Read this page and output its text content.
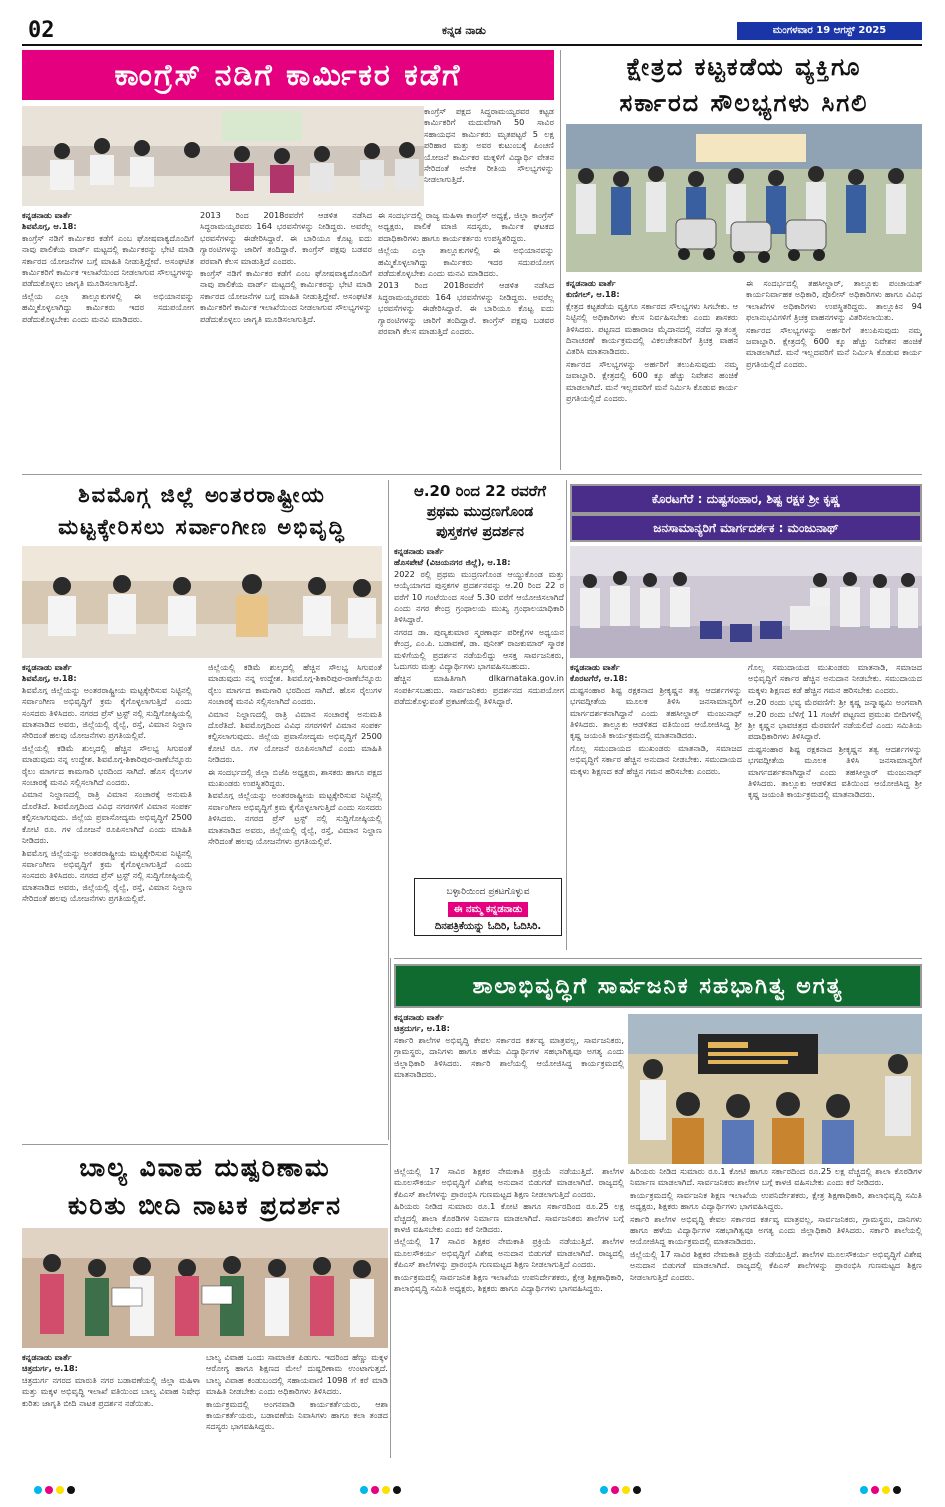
02	ಕನ್ನಡ ನಾಡು	ಮಂಗಳವಾರ 19 ಆಗಸ್ಟ್ 2025
ಕಾಂಗ್ರೆಸ್ ನಡಿಗೆ ಕಾರ್ಮಿಕರ ಕಡೆಗೆ

ಕಾಂಗ್ರೆಸ್ ಪಕ್ಷದ ಸಿದ್ಧರಾಮಯ್ಯರವರ ಕಟ್ಟಡ ಕಾರ್ಮಿಕರಿಗೆ ಮದುವೆಗಾಗಿ 50 ಸಾವಿರ ಸಹಾಯಧನ ಕಾರ್ಮಿಕರು ಮೃತಪಟ್ಟರೆ 5 ಲಕ್ಷ ಪರಿಹಾರ ಮತ್ತು ಅವರ ಕುಟುಂಬಕ್ಕೆ ಪಿಂಚಣಿ ಯೋಜನೆ ಕಾರ್ಮಿಕರ ಮಕ್ಕಳಿಗೆ ವಿದ್ಯಾರ್ಥಿ ವೇತನ ಸೇರಿದಂತೆ ಅನೇಕ ರೀತಿಯ ಸೌಲಭ್ಯಗಳನ್ನು ನೀಡಲಾಗುತ್ತಿದೆ.

ಕನ್ನಡನಾಡು ವಾರ್ತೆ
ಶಿವಮೊಗ್ಗ, ಆ.18:

ಕಾಂಗ್ರೆಸ್ ನಡಿಗೆ ಕಾರ್ಮಿಕರ ಕಡೆಗೆ ಎಂಬ ಘೋಷವಾಕ್ಯದೊಂದಿಗೆ ನಾವು ಪಾಲಿಕೆಯ ವಾರ್ಡ್ ಮಟ್ಟದಲ್ಲಿ ಕಾರ್ಮಿಕರನ್ನು ಭೇಟಿ ಮಾಡಿ ಸರ್ಕಾರದ ಯೋಜನೆಗಳ ಬಗ್ಗೆ ಮಾಹಿತಿ ನೀಡುತ್ತಿದ್ದೇವೆ. ಅಸಂಘಟಿತ ಕಾರ್ಮಿಕರಿಗೆ ಕಾರ್ಮಿಕ ಇಲಾಖೆಯಿಂದ ನೀಡಲಾಗುವ ಸೌಲಭ್ಯಗಳನ್ನು ಪಡೆದುಕೊಳ್ಳಲು ಜಾಗೃತಿ ಮೂಡಿಸಲಾಗುತ್ತಿದೆ.

ಜಿಲ್ಲೆಯ ಎಲ್ಲಾ ತಾಲ್ಲೂಕುಗಳಲ್ಲಿ ಈ ಅಭಿಯಾನವನ್ನು ಹಮ್ಮಿಕೊಳ್ಳಲಾಗಿದ್ದು ಕಾರ್ಮಿಕರು ಇದರ ಸದುಪಯೋಗ ಪಡೆದುಕೊಳ್ಳಬೇಕು ಎಂದು ಮನವಿ ಮಾಡಿದರು.

2013 ರಿಂದ 2018ರವರೆಗೆ ಆಡಳಿತ ನಡೆಸಿದ ಸಿದ್ಧರಾಮಯ್ಯರವರು 164 ಭರವಸೆಗಳನ್ನು ನೀಡಿದ್ದರು. ಅವರೆಲ್ಲ ಭರವಸೆಗಳನ್ನು ಈಡೇರಿಸಿದ್ದಾರೆ. ಈ ಬಾರಿಯೂ ಕೊಟ್ಟ ಐದು ಗ್ಯಾರಂಟಿಗಳನ್ನು ಜಾರಿಗೆ ತಂದಿದ್ದಾರೆ. ಕಾಂಗ್ರೆಸ್ ಪಕ್ಷವು ಬಡವರ ಪರವಾಗಿ ಕೆಲಸ ಮಾಡುತ್ತಿದೆ ಎಂದರು.

ಕಾಂಗ್ರೆಸ್ ನಡಿಗೆ ಕಾರ್ಮಿಕರ ಕಡೆಗೆ ಎಂಬ ಘೋಷವಾಕ್ಯದೊಂದಿಗೆ ನಾವು ಪಾಲಿಕೆಯ ವಾರ್ಡ್ ಮಟ್ಟದಲ್ಲಿ ಕಾರ್ಮಿಕರನ್ನು ಭೇಟಿ ಮಾಡಿ ಸರ್ಕಾರದ ಯೋಜನೆಗಳ ಬಗ್ಗೆ ಮಾಹಿತಿ ನೀಡುತ್ತಿದ್ದೇವೆ. ಅಸಂಘಟಿತ ಕಾರ್ಮಿಕರಿಗೆ ಕಾರ್ಮಿಕ ಇಲಾಖೆಯಿಂದ ನೀಡಲಾಗುವ ಸೌಲಭ್ಯಗಳನ್ನು ಪಡೆದುಕೊಳ್ಳಲು ಜಾಗೃತಿ ಮೂಡಿಸಲಾಗುತ್ತಿದೆ.

ಈ ಸಂದರ್ಭದಲ್ಲಿ ರಾಜ್ಯ ಮಹಿಳಾ ಕಾಂಗ್ರೆಸ್ ಅಧ್ಯಕ್ಷೆ, ಜಿಲ್ಲಾ ಕಾಂಗ್ರೆಸ್ ಅಧ್ಯಕ್ಷರು, ಪಾಲಿಕೆ ಮಾಜಿ ಸದಸ್ಯರು, ಕಾರ್ಮಿಕ ಘಟಕದ ಪದಾಧಿಕಾರಿಗಳು ಹಾಗೂ ಕಾರ್ಯಕರ್ತರು ಉಪಸ್ಥಿತರಿದ್ದರು.

ಜಿಲ್ಲೆಯ ಎಲ್ಲಾ ತಾಲ್ಲೂಕುಗಳಲ್ಲಿ ಈ ಅಭಿಯಾನವನ್ನು ಹಮ್ಮಿಕೊಳ್ಳಲಾಗಿದ್ದು ಕಾರ್ಮಿಕರು ಇದರ ಸದುಪಯೋಗ ಪಡೆದುಕೊಳ್ಳಬೇಕು ಎಂದು ಮನವಿ ಮಾಡಿದರು.

2013 ರಿಂದ 2018ರವರೆಗೆ ಆಡಳಿತ ನಡೆಸಿದ ಸಿದ್ಧರಾಮಯ್ಯರವರು 164 ಭರವಸೆಗಳನ್ನು ನೀಡಿದ್ದರು. ಅವರೆಲ್ಲ ಭರವಸೆಗಳನ್ನು ಈಡೇರಿಸಿದ್ದಾರೆ. ಈ ಬಾರಿಯೂ ಕೊಟ್ಟ ಐದು ಗ್ಯಾರಂಟಿಗಳನ್ನು ಜಾರಿಗೆ ತಂದಿದ್ದಾರೆ. ಕಾಂಗ್ರೆಸ್ ಪಕ್ಷವು ಬಡವರ ಪರವಾಗಿ ಕೆಲಸ ಮಾಡುತ್ತಿದೆ ಎಂದರು.

ಕ್ಷೇತ್ರದ ಕಟ್ಟಕಡೆಯ ವ್ಯಕ್ತಿಗೂ
ಸರ್ಕಾರದ ಸೌಲಭ್ಯಗಳು ಸಿಗಲಿ
ಕನ್ನಡನಾಡು ವಾರ್ತೆ
ಕುಣಿಗಲ್, ಆ.18:

ಕ್ಷೇತ್ರದ ಕಟ್ಟಕಡೆಯ ವ್ಯಕ್ತಿಗೂ ಸರ್ಕಾರದ ಸೌಲಭ್ಯಗಳು ಸಿಗಬೇಕು. ಆ ನಿಟ್ಟಿನಲ್ಲಿ ಅಧಿಕಾರಿಗಳು ಕೆಲಸ ನಿರ್ವಹಿಸಬೇಕು ಎಂದು ಶಾಸಕರು ತಿಳಿಸಿದರು. ಪಟ್ಟಣದ ಮಹಾರಾಜ ಮೈದಾನದಲ್ಲಿ ನಡೆದ ಸ್ವಾತಂತ್ರ್ಯ ದಿನಾಚರಣೆ ಕಾರ್ಯಕ್ರಮದಲ್ಲಿ ವಿಕಲಚೇತನರಿಗೆ ತ್ರಿಚಕ್ರ ವಾಹನ ವಿತರಿಸಿ ಮಾತನಾಡಿದರು.

ಸರ್ಕಾರದ ಸೌಲಭ್ಯಗಳನ್ನು ಅರ್ಹರಿಗೆ ತಲುಪಿಸುವುದು ನಮ್ಮ ಜವಾಬ್ದಾರಿ. ಕ್ಷೇತ್ರದಲ್ಲಿ 600 ಕ್ಕೂ ಹೆಚ್ಚು ನಿವೇಶನ ಹಂಚಿಕೆ ಮಾಡಲಾಗಿದೆ. ಮನೆ ಇಲ್ಲದವರಿಗೆ ಮನೆ ನಿರ್ಮಿಸಿ ಕೊಡುವ ಕಾರ್ಯ ಪ್ರಗತಿಯಲ್ಲಿದೆ ಎಂದರು.

ಈ ಸಂದರ್ಭದಲ್ಲಿ ತಹಸೀಲ್ದಾರ್, ತಾಲ್ಲೂಕು ಪಂಚಾಯತ್ ಕಾರ್ಯನಿರ್ವಾಹಕ ಅಧಿಕಾರಿ, ಪೊಲೀಸ್ ಅಧಿಕಾರಿಗಳು ಹಾಗೂ ವಿವಿಧ ಇಲಾಖೆಗಳ ಅಧಿಕಾರಿಗಳು ಉಪಸ್ಥಿತರಿದ್ದರು. ತಾಲ್ಲೂಕಿನ 94 ಫಲಾನುಭವಿಗಳಿಗೆ ತ್ರಿಚಕ್ರ ವಾಹನಗಳನ್ನು ವಿತರಿಸಲಾಯಿತು.

ಸರ್ಕಾರದ ಸೌಲಭ್ಯಗಳನ್ನು ಅರ್ಹರಿಗೆ ತಲುಪಿಸುವುದು ನಮ್ಮ ಜವಾಬ್ದಾರಿ. ಕ್ಷೇತ್ರದಲ್ಲಿ 600 ಕ್ಕೂ ಹೆಚ್ಚು ನಿವೇಶನ ಹಂಚಿಕೆ ಮಾಡಲಾಗಿದೆ. ಮನೆ ಇಲ್ಲದವರಿಗೆ ಮನೆ ನಿರ್ಮಿಸಿ ಕೊಡುವ ಕಾರ್ಯ ಪ್ರಗತಿಯಲ್ಲಿದೆ ಎಂದರು.

ಶಿವಮೊಗ್ಗ ಜಿಲ್ಲೆ ಅಂತರರಾಷ್ಟ್ರೀಯ
ಮಟ್ಟಕ್ಕೇರಿಸಲು ಸರ್ವಾಂಗೀಣ ಅಭಿವೃದ್ಧಿ
ಕನ್ನಡನಾಡು ವಾರ್ತೆ
ಶಿವಮೊಗ್ಗ, ಆ.18:

ಶಿವಮೊಗ್ಗ ಜಿಲ್ಲೆಯನ್ನು ಅಂತರರಾಷ್ಟ್ರೀಯ ಮಟ್ಟಕ್ಕೇರಿಸುವ ನಿಟ್ಟಿನಲ್ಲಿ ಸರ್ವಾಂಗೀಣ ಅಭಿವೃದ್ಧಿಗೆ ಕ್ರಮ ಕೈಗೊಳ್ಳಲಾಗುತ್ತಿದೆ ಎಂದು ಸಂಸದರು ತಿಳಿಸಿದರು. ನಗರದ ಪ್ರೆಸ್ ಟ್ರಸ್ಟ್ ನಲ್ಲಿ ಸುದ್ದಿಗೋಷ್ಠಿಯಲ್ಲಿ ಮಾತನಾಡಿದ ಅವರು, ಜಿಲ್ಲೆಯಲ್ಲಿ ರೈಲ್ವೆ, ರಸ್ತೆ, ವಿಮಾನ ನಿಲ್ದಾಣ ಸೇರಿದಂತೆ ಹಲವು ಯೋಜನೆಗಳು ಪ್ರಗತಿಯಲ್ಲಿವೆ.

ಜಿಲ್ಲೆಯಲ್ಲಿ ಕಡಿಮೆ ಶುಲ್ಕದಲ್ಲಿ ಹೆಚ್ಚಿನ ಸೌಲಭ್ಯ ಸಿಗುವಂತೆ ಮಾಡುವುದು ನನ್ನ ಉದ್ದೇಶ. ಶಿವಮೊಗ್ಗ-ಶಿಕಾರಿಪುರ-ರಾಣೆಬೆನ್ನೂರು ರೈಲು ಮಾರ್ಗದ ಕಾಮಗಾರಿ ಭರದಿಂದ ಸಾಗಿದೆ. ಹೊಸ ರೈಲುಗಳ ಸಂಚಾರಕ್ಕೆ ಮನವಿ ಸಲ್ಲಿಸಲಾಗಿದೆ ಎಂದರು.

ವಿಮಾನ ನಿಲ್ದಾಣದಲ್ಲಿ ರಾತ್ರಿ ವಿಮಾನ ಸಂಚಾರಕ್ಕೆ ಅನುಮತಿ ದೊರೆತಿದೆ. ಶಿವಮೊಗ್ಗದಿಂದ ವಿವಿಧ ನಗರಗಳಿಗೆ ವಿಮಾನ ಸಂಪರ್ಕ ಕಲ್ಪಿಸಲಾಗುವುದು. ಜಿಲ್ಲೆಯ ಪ್ರವಾಸೋದ್ಯಮ ಅಭಿವೃದ್ಧಿಗೆ 2500 ಕೋಟಿ ರೂ. ಗಳ ಯೋಜನೆ ರೂಪಿಸಲಾಗಿದೆ ಎಂದು ಮಾಹಿತಿ ನೀಡಿದರು.

ಶಿವಮೊಗ್ಗ ಜಿಲ್ಲೆಯನ್ನು ಅಂತರರಾಷ್ಟ್ರೀಯ ಮಟ್ಟಕ್ಕೇರಿಸುವ ನಿಟ್ಟಿನಲ್ಲಿ ಸರ್ವಾಂಗೀಣ ಅಭಿವೃದ್ಧಿಗೆ ಕ್ರಮ ಕೈಗೊಳ್ಳಲಾಗುತ್ತಿದೆ ಎಂದು ಸಂಸದರು ತಿಳಿಸಿದರು. ನಗರದ ಪ್ರೆಸ್ ಟ್ರಸ್ಟ್ ನಲ್ಲಿ ಸುದ್ದಿಗೋಷ್ಠಿಯಲ್ಲಿ ಮಾತನಾಡಿದ ಅವರು, ಜಿಲ್ಲೆಯಲ್ಲಿ ರೈಲ್ವೆ, ರಸ್ತೆ, ವಿಮಾನ ನಿಲ್ದಾಣ ಸೇರಿದಂತೆ ಹಲವು ಯೋಜನೆಗಳು ಪ್ರಗತಿಯಲ್ಲಿವೆ.

ಜಿಲ್ಲೆಯಲ್ಲಿ ಕಡಿಮೆ ಶುಲ್ಕದಲ್ಲಿ ಹೆಚ್ಚಿನ ಸೌಲಭ್ಯ ಸಿಗುವಂತೆ ಮಾಡುವುದು ನನ್ನ ಉದ್ದೇಶ. ಶಿವಮೊಗ್ಗ-ಶಿಕಾರಿಪುರ-ರಾಣೆಬೆನ್ನೂರು ರೈಲು ಮಾರ್ಗದ ಕಾಮಗಾರಿ ಭರದಿಂದ ಸಾಗಿದೆ. ಹೊಸ ರೈಲುಗಳ ಸಂಚಾರಕ್ಕೆ ಮನವಿ ಸಲ್ಲಿಸಲಾಗಿದೆ ಎಂದರು.

ವಿಮಾನ ನಿಲ್ದಾಣದಲ್ಲಿ ರಾತ್ರಿ ವಿಮಾನ ಸಂಚಾರಕ್ಕೆ ಅನುಮತಿ ದೊರೆತಿದೆ. ಶಿವಮೊಗ್ಗದಿಂದ ವಿವಿಧ ನಗರಗಳಿಗೆ ವಿಮಾನ ಸಂಪರ್ಕ ಕಲ್ಪಿಸಲಾಗುವುದು. ಜಿಲ್ಲೆಯ ಪ್ರವಾಸೋದ್ಯಮ ಅಭಿವೃದ್ಧಿಗೆ 2500 ಕೋಟಿ ರೂ. ಗಳ ಯೋಜನೆ ರೂಪಿಸಲಾಗಿದೆ ಎಂದು ಮಾಹಿತಿ ನೀಡಿದರು.

ಈ ಸಂದರ್ಭದಲ್ಲಿ ಜಿಲ್ಲಾ ಬಿಜೆಪಿ ಅಧ್ಯಕ್ಷರು, ಶಾಸಕರು ಹಾಗೂ ಪಕ್ಷದ ಮುಖಂಡರು ಉಪಸ್ಥಿತರಿದ್ದರು.

ಶಿವಮೊಗ್ಗ ಜಿಲ್ಲೆಯನ್ನು ಅಂತರರಾಷ್ಟ್ರೀಯ ಮಟ್ಟಕ್ಕೇರಿಸುವ ನಿಟ್ಟಿನಲ್ಲಿ ಸರ್ವಾಂಗೀಣ ಅಭಿವೃದ್ಧಿಗೆ ಕ್ರಮ ಕೈಗೊಳ್ಳಲಾಗುತ್ತಿದೆ ಎಂದು ಸಂಸದರು ತಿಳಿಸಿದರು. ನಗರದ ಪ್ರೆಸ್ ಟ್ರಸ್ಟ್ ನಲ್ಲಿ ಸುದ್ದಿಗೋಷ್ಠಿಯಲ್ಲಿ ಮಾತನಾಡಿದ ಅವರು, ಜಿಲ್ಲೆಯಲ್ಲಿ ರೈಲ್ವೆ, ರಸ್ತೆ, ವಿಮಾನ ನಿಲ್ದಾಣ ಸೇರಿದಂತೆ ಹಲವು ಯೋಜನೆಗಳು ಪ್ರಗತಿಯಲ್ಲಿವೆ.

ಆ.20 ರಿಂದ 22 ರವರೆಗೆ
ಪ್ರಥಮ ಮುದ್ರಣಗೊಂಡ
ಪುಸ್ತಕಗಳ ಪ್ರದರ್ಶನ
ಕನ್ನಡನಾಡು ವಾರ್ತೆ
ಹೊಸಪೇಟೆ (ವಿಜಯನಗರ ಜಿಲ್ಲೆ), ಆ.18:

2022 ರಲ್ಲಿ ಪ್ರಥಮ ಮುದ್ರಣಗೊಂಡ ಆಯ್ದುಕೊಂಡ ಮತ್ತು ಆಯ್ಕೆಯಾಗದ ಪುಸ್ತಕಗಳ ಪ್ರದರ್ಶನವನ್ನು ಆ.20 ರಿಂದ 22 ರ ವರೆಗೆ 10 ಗಂಟೆಯಿಂದ ಸಂಜೆ 5.30 ವರೆಗೆ ಆಯೋಜಿಸಲಾಗಿದೆ ಎಂದು ನಗರ ಕೇಂದ್ರ ಗ್ರಂಥಾಲಯ ಮುಖ್ಯ ಗ್ರಂಥಾಲಯಾಧಿಕಾರಿ ತಿಳಿಸಿದ್ದಾರೆ.

ನಗರದ ಡಾ. ಪುಣ್ಯಕುಮಾರ ಸ್ಮರಣಾರ್ಥ ಪರೀಕ್ಷೆಗಳ ಅಧ್ಯಯನ ಕೇಂದ್ರ, ಎಂ.ಪಿ. ಬಡಾವಣೆ, ಡಾ. ಪುನೀತ್ ರಾಜಕುಮಾರ್ ಸ್ಮಾರಕ ಮಳಿಗೆಯಲ್ಲಿ ಪ್ರದರ್ಶನ ನಡೆಯಲಿದ್ದು ಆಸಕ್ತ ಸಾರ್ವಜನಿಕರು, ಓದುಗರು ಮತ್ತು ವಿದ್ಯಾರ್ಥಿಗಳು ಭಾಗವಹಿಸಬಹುದು.

ಹೆಚ್ಚಿನ ಮಾಹಿತಿಗಾಗಿ dlkarnataka.gov.in ಸಂಪರ್ಕಿಸಬಹುದು. ಸಾರ್ವಜನಿಕರು ಪ್ರದರ್ಶನದ ಸದುಪಯೋಗ ಪಡೆದುಕೊಳ್ಳುವಂತೆ ಪ್ರಕಟಣೆಯಲ್ಲಿ ತಿಳಿಸಿದ್ದಾರೆ.

ಬಳ್ಳಾರಿಯಿಂದ ಪ್ರಕಟಗೊಳ್ಳುವ
ಈ ನಮ್ಮ ಕನ್ನಡನಾಡು
ದಿನಪತ್ರಿಕೆಯನ್ನು ಓದಿರಿ, ಓದಿಸಿರಿ.
ಕೊರಟಗೆರೆ : ದುಷ್ಟಸಂಹಾರ, ಶಿಷ್ಟ ರಕ್ಷಕ ಶ್ರೀ ಕೃಷ್ಣ
ಜನಸಾಮಾನ್ಯರಿಗೆ ಮಾರ್ಗದರ್ಶಕ : ಮಂಜುನಾಥ್
ಕನ್ನಡನಾಡು ವಾರ್ತೆ
ಕೊರಟಗೆರೆ, ಆ.18:

ದುಷ್ಟಸಂಹಾರ ಶಿಷ್ಟ ರಕ್ಷಕನಾದ ಶ್ರೀಕೃಷ್ಣನ ತತ್ವ ಆದರ್ಶಗಳನ್ನು ಭಗವದ್ಗೀತೆಯ ಮೂಲಕ ತಿಳಿಸಿ ಜನಸಾಮಾನ್ಯರಿಗೆ ಮಾರ್ಗದರ್ಶಕನಾಗಿದ್ದಾನೆ ಎಂದು ತಹಸೀಲ್ದಾರ್ ಮಂಜುನಾಥ್ ತಿಳಿಸಿದರು. ತಾಲ್ಲೂಕು ಆಡಳಿತದ ವತಿಯಿಂದ ಆಯೋಜಿಸಿದ್ದ ಶ್ರೀ ಕೃಷ್ಣ ಜಯಂತಿ ಕಾರ್ಯಕ್ರಮದಲ್ಲಿ ಮಾತನಾಡಿದರು.

ಗೊಲ್ಲ ಸಮುದಾಯದ ಮುಖಂಡರು ಮಾತನಾಡಿ, ಸಮಾಜದ ಅಭಿವೃದ್ಧಿಗೆ ಸರ್ಕಾರ ಹೆಚ್ಚಿನ ಅನುದಾನ ನೀಡಬೇಕು. ಸಮುದಾಯದ ಮಕ್ಕಳು ಶಿಕ್ಷಣದ ಕಡೆ ಹೆಚ್ಚಿನ ಗಮನ ಹರಿಸಬೇಕು ಎಂದರು.

ಗೊಲ್ಲ ಸಮುದಾಯದ ಮುಖಂಡರು ಮಾತನಾಡಿ, ಸಮಾಜದ ಅಭಿವೃದ್ಧಿಗೆ ಸರ್ಕಾರ ಹೆಚ್ಚಿನ ಅನುದಾನ ನೀಡಬೇಕು. ಸಮುದಾಯದ ಮಕ್ಕಳು ಶಿಕ್ಷಣದ ಕಡೆ ಹೆಚ್ಚಿನ ಗಮನ ಹರಿಸಬೇಕು ಎಂದರು.

ಆ.20 ರಂದು ಭವ್ಯ ಮೆರವಣಿಗೆ: ಶ್ರೀ ಕೃಷ್ಣ ಜನ್ಮಾಷ್ಟಮಿ ಅಂಗವಾಗಿ ಆ.20 ರಂದು ಬೆಳಿಗ್ಗೆ 11 ಗಂಟೆಗೆ ಪಟ್ಟಣದ ಪ್ರಮುಖ ಬೀದಿಗಳಲ್ಲಿ ಶ್ರೀ ಕೃಷ್ಣನ ಭಾವಚಿತ್ರದ ಮೆರವಣಿಗೆ ನಡೆಯಲಿದೆ ಎಂದು ಸಮಿತಿಯ ಪದಾಧಿಕಾರಿಗಳು ತಿಳಿಸಿದ್ದಾರೆ.

ದುಷ್ಟಸಂಹಾರ ಶಿಷ್ಟ ರಕ್ಷಕನಾದ ಶ್ರೀಕೃಷ್ಣನ ತತ್ವ ಆದರ್ಶಗಳನ್ನು ಭಗವದ್ಗೀತೆಯ ಮೂಲಕ ತಿಳಿಸಿ ಜನಸಾಮಾನ್ಯರಿಗೆ ಮಾರ್ಗದರ್ಶಕನಾಗಿದ್ದಾನೆ ಎಂದು ತಹಸೀಲ್ದಾರ್ ಮಂಜುನಾಥ್ ತಿಳಿಸಿದರು. ತಾಲ್ಲೂಕು ಆಡಳಿತದ ವತಿಯಿಂದ ಆಯೋಜಿಸಿದ್ದ ಶ್ರೀ ಕೃಷ್ಣ ಜಯಂತಿ ಕಾರ್ಯಕ್ರಮದಲ್ಲಿ ಮಾತನಾಡಿದರು.

ಶಾಲಾಭಿವೃದ್ಧಿಗೆ ಸಾರ್ವಜನಿಕ ಸಹಭಾಗಿತ್ವ ಅಗತ್ಯ
ಕನ್ನಡನಾಡು ವಾರ್ತೆ
ಚಿತ್ರದುರ್ಗ, ಆ.18:

ಸರ್ಕಾರಿ ಶಾಲೆಗಳ ಅಭಿವೃದ್ಧಿ ಕೇವಲ ಸರ್ಕಾರದ ಕರ್ತವ್ಯ ಮಾತ್ರವಲ್ಲ, ಸಾರ್ವಜನಿಕರು, ಗ್ರಾಮಸ್ಥರು, ದಾನಿಗಳು ಹಾಗೂ ಹಳೆಯ ವಿದ್ಯಾರ್ಥಿಗಳ ಸಹಭಾಗಿತ್ವವೂ ಅಗತ್ಯ ಎಂದು ಜಿಲ್ಲಾಧಿಕಾರಿ ತಿಳಿಸಿದರು. ಸರ್ಕಾರಿ ಶಾಲೆಯಲ್ಲಿ ಆಯೋಜಿಸಿದ್ದ ಕಾರ್ಯಕ್ರಮದಲ್ಲಿ ಮಾತನಾಡಿದರು.

ಜಿಲ್ಲೆಯಲ್ಲಿ 17 ಸಾವಿರ ಶಿಕ್ಷಕರ ನೇಮಕಾತಿ ಪ್ರಕ್ರಿಯೆ ನಡೆಯುತ್ತಿದೆ. ಶಾಲೆಗಳ ಮೂಲಸೌಕರ್ಯ ಅಭಿವೃದ್ಧಿಗೆ ವಿಶೇಷ ಅನುದಾನ ಬಿಡುಗಡೆ ಮಾಡಲಾಗಿದೆ. ರಾಜ್ಯದಲ್ಲಿ ಕೆಪಿಎಸ್ ಶಾಲೆಗಳನ್ನು ಪ್ರಾರಂಭಿಸಿ ಗುಣಮಟ್ಟದ ಶಿಕ್ಷಣ ನೀಡಲಾಗುತ್ತಿದೆ ಎಂದರು.

ಹಿರಿಯರು ನೀಡಿದ ಸುಮಾರು ರೂ.1 ಕೋಟಿ ಹಾಗೂ ಸರ್ಕಾರದಿಂದ ರೂ.25 ಲಕ್ಷ ವೆಚ್ಚದಲ್ಲಿ ಶಾಲಾ ಕೊಠಡಿಗಳ ನಿರ್ಮಾಣ ಮಾಡಲಾಗಿದೆ. ಸಾರ್ವಜನಿಕರು ಶಾಲೆಗಳ ಬಗ್ಗೆ ಕಾಳಜಿ ವಹಿಸಬೇಕು ಎಂದು ಕರೆ ನೀಡಿದರು.

ಜಿಲ್ಲೆಯಲ್ಲಿ 17 ಸಾವಿರ ಶಿಕ್ಷಕರ ನೇಮಕಾತಿ ಪ್ರಕ್ರಿಯೆ ನಡೆಯುತ್ತಿದೆ. ಶಾಲೆಗಳ ಮೂಲಸೌಕರ್ಯ ಅಭಿವೃದ್ಧಿಗೆ ವಿಶೇಷ ಅನುದಾನ ಬಿಡುಗಡೆ ಮಾಡಲಾಗಿದೆ. ರಾಜ್ಯದಲ್ಲಿ ಕೆಪಿಎಸ್ ಶಾಲೆಗಳನ್ನು ಪ್ರಾರಂಭಿಸಿ ಗುಣಮಟ್ಟದ ಶಿಕ್ಷಣ ನೀಡಲಾಗುತ್ತಿದೆ ಎಂದರು.

ಕಾರ್ಯಕ್ರಮದಲ್ಲಿ ಸಾರ್ವಜನಿಕ ಶಿಕ್ಷಣ ಇಲಾಖೆಯ ಉಪನಿರ್ದೇಶಕರು, ಕ್ಷೇತ್ರ ಶಿಕ್ಷಣಾಧಿಕಾರಿ, ಶಾಲಾಭಿವೃದ್ಧಿ ಸಮಿತಿ ಅಧ್ಯಕ್ಷರು, ಶಿಕ್ಷಕರು ಹಾಗೂ ವಿದ್ಯಾರ್ಥಿಗಳು ಭಾಗವಹಿಸಿದ್ದರು.

ಹಿರಿಯರು ನೀಡಿದ ಸುಮಾರು ರೂ.1 ಕೋಟಿ ಹಾಗೂ ಸರ್ಕಾರದಿಂದ ರೂ.25 ಲಕ್ಷ ವೆಚ್ಚದಲ್ಲಿ ಶಾಲಾ ಕೊಠಡಿಗಳ ನಿರ್ಮಾಣ ಮಾಡಲಾಗಿದೆ. ಸಾರ್ವಜನಿಕರು ಶಾಲೆಗಳ ಬಗ್ಗೆ ಕಾಳಜಿ ವಹಿಸಬೇಕು ಎಂದು ಕರೆ ನೀಡಿದರು.

ಕಾರ್ಯಕ್ರಮದಲ್ಲಿ ಸಾರ್ವಜನಿಕ ಶಿಕ್ಷಣ ಇಲಾಖೆಯ ಉಪನಿರ್ದೇಶಕರು, ಕ್ಷೇತ್ರ ಶಿಕ್ಷಣಾಧಿಕಾರಿ, ಶಾಲಾಭಿವೃದ್ಧಿ ಸಮಿತಿ ಅಧ್ಯಕ್ಷರು, ಶಿಕ್ಷಕರು ಹಾಗೂ ವಿದ್ಯಾರ್ಥಿಗಳು ಭಾಗವಹಿಸಿದ್ದರು.

ಸರ್ಕಾರಿ ಶಾಲೆಗಳ ಅಭಿವೃದ್ಧಿ ಕೇವಲ ಸರ್ಕಾರದ ಕರ್ತವ್ಯ ಮಾತ್ರವಲ್ಲ, ಸಾರ್ವಜನಿಕರು, ಗ್ರಾಮಸ್ಥರು, ದಾನಿಗಳು ಹಾಗೂ ಹಳೆಯ ವಿದ್ಯಾರ್ಥಿಗಳ ಸಹಭಾಗಿತ್ವವೂ ಅಗತ್ಯ ಎಂದು ಜಿಲ್ಲಾಧಿಕಾರಿ ತಿಳಿಸಿದರು. ಸರ್ಕಾರಿ ಶಾಲೆಯಲ್ಲಿ ಆಯೋಜಿಸಿದ್ದ ಕಾರ್ಯಕ್ರಮದಲ್ಲಿ ಮಾತನಾಡಿದರು.

ಜಿಲ್ಲೆಯಲ್ಲಿ 17 ಸಾವಿರ ಶಿಕ್ಷಕರ ನೇಮಕಾತಿ ಪ್ರಕ್ರಿಯೆ ನಡೆಯುತ್ತಿದೆ. ಶಾಲೆಗಳ ಮೂಲಸೌಕರ್ಯ ಅಭಿವೃದ್ಧಿಗೆ ವಿಶೇಷ ಅನುದಾನ ಬಿಡುಗಡೆ ಮಾಡಲಾಗಿದೆ. ರಾಜ್ಯದಲ್ಲಿ ಕೆಪಿಎಸ್ ಶಾಲೆಗಳನ್ನು ಪ್ರಾರಂಭಿಸಿ ಗುಣಮಟ್ಟದ ಶಿಕ್ಷಣ ನೀಡಲಾಗುತ್ತಿದೆ ಎಂದರು.

ಬಾಲ್ಯ ವಿವಾಹ ದುಷ್ಪರಿಣಾಮ
ಕುರಿತು ಬೀದಿ ನಾಟಕ ಪ್ರದರ್ಶನ
ಕನ್ನಡನಾಡು ವಾರ್ತೆ
ಚಿತ್ರದುರ್ಗ, ಆ.18:

ಚಿತ್ರದುರ್ಗ ನಗರದ ಮಾರುತಿ ನಗರ ಬಡಾವಣೆಯಲ್ಲಿ ಜಿಲ್ಲಾ ಮಹಿಳಾ ಮತ್ತು ಮಕ್ಕಳ ಅಭಿವೃದ್ಧಿ ಇಲಾಖೆ ವತಿಯಿಂದ ಬಾಲ್ಯ ವಿವಾಹ ನಿಷೇಧ ಕುರಿತು ಜಾಗೃತಿ ಬೀದಿ ನಾಟಕ ಪ್ರದರ್ಶನ ನಡೆಯಿತು.

ಬಾಲ್ಯ ವಿವಾಹ ಒಂದು ಸಾಮಾಜಿಕ ಪಿಡುಗು. ಇದರಿಂದ ಹೆಣ್ಣು ಮಕ್ಕಳ ಆರೋಗ್ಯ ಹಾಗೂ ಶಿಕ್ಷಣದ ಮೇಲೆ ದುಷ್ಪರಿಣಾಮ ಉಂಟಾಗುತ್ತದೆ. ಬಾಲ್ಯ ವಿವಾಹ ಕಂಡುಬಂದಲ್ಲಿ ಸಹಾಯವಾಣಿ 1098 ಗೆ ಕರೆ ಮಾಡಿ ಮಾಹಿತಿ ನೀಡಬೇಕು ಎಂದು ಅಧಿಕಾರಿಗಳು ತಿಳಿಸಿದರು.

ಕಾರ್ಯಕ್ರಮದಲ್ಲಿ ಅಂಗನವಾಡಿ ಕಾರ್ಯಕರ್ತೆಯರು, ಆಶಾ ಕಾರ್ಯಕರ್ತೆಯರು, ಬಡಾವಣೆಯ ನಿವಾಸಿಗಳು ಹಾಗೂ ಕಲಾ ತಂಡದ ಸದಸ್ಯರು ಭಾಗವಹಿಸಿದ್ದರು.
